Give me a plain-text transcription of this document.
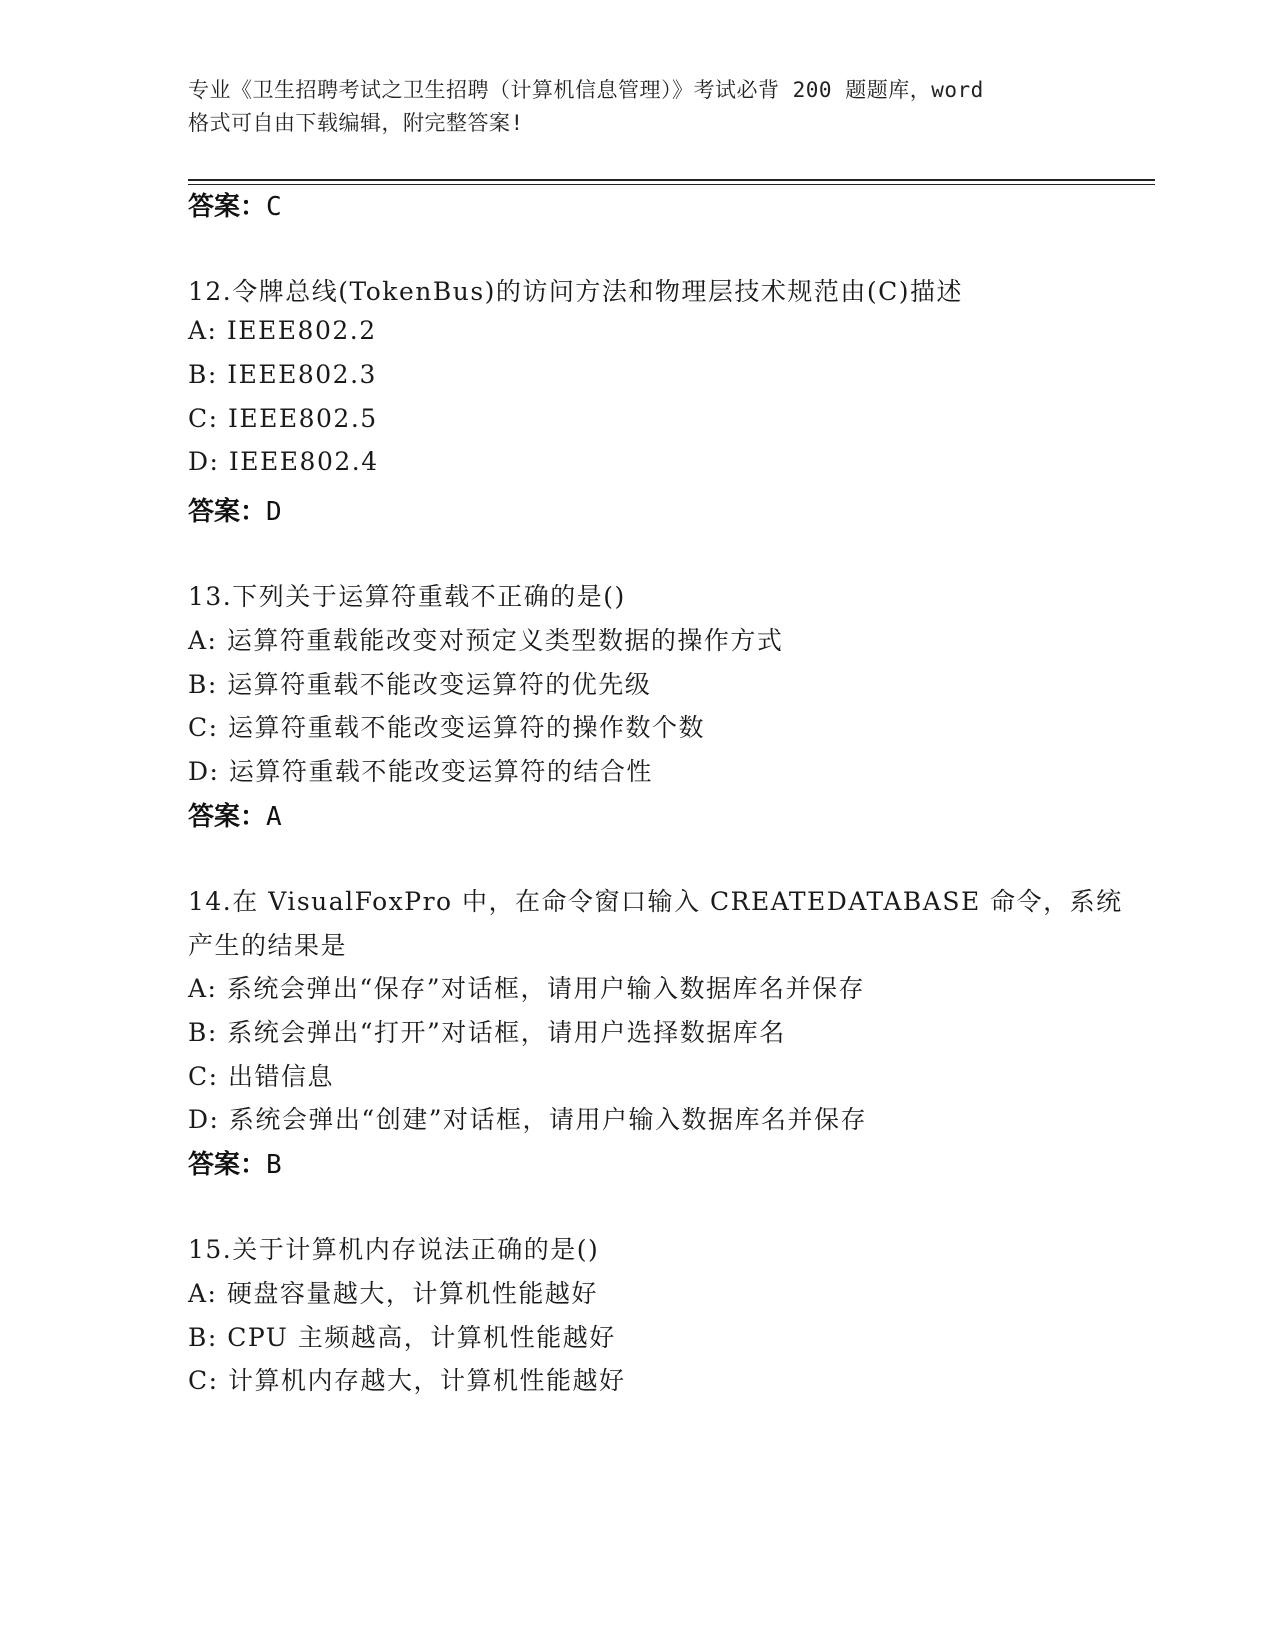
专业《卫生招聘考试之卫生招聘（计算机信息管理）》考试必背 200 题题库，word
格式可自由下载编辑，附完整答案!
答案：C
12.令牌总线(TokenBus)的访问方法和物理层技术规范由(C)描述
A: IEEE802.2
B: IEEE802.3
C: IEEE802.5
D: IEEE802.4
答案：D
13.下列关于运算符重载不正确的是()
A: 运算符重载能改变对预定义类型数据的操作方式
B: 运算符重载不能改变运算符的优先级
C: 运算符重载不能改变运算符的操作数个数
D: 运算符重载不能改变运算符的结合性
答案：A
14.在 VisualFoxPro 中，在命令窗口输入 CREATEDATABASE 命令，系统
产生的结果是
A: 系统会弹出“保存”对话框，请用户输入数据库名并保存
B: 系统会弹出“打开”对话框，请用户选择数据库名
C: 出错信息
D: 系统会弹出“创建”对话框，请用户输入数据库名并保存
答案：B
15.关于计算机内存说法正确的是()
A: 硬盘容量越大，计算机性能越好
B: CPU 主频越高，计算机性能越好
C: 计算机内存越大，计算机性能越好
